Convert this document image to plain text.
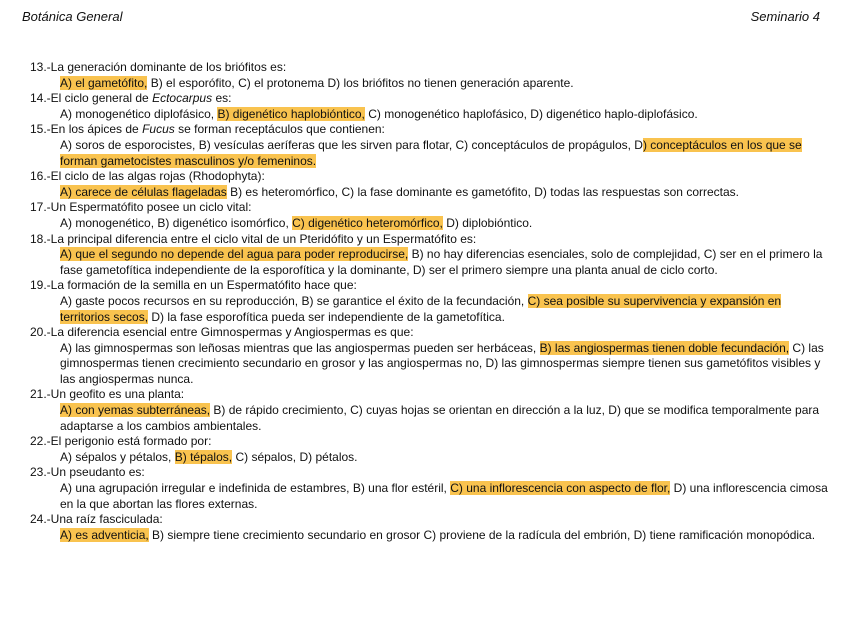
Botánica General	Seminario 4
13.-La generación dominante de los briófitos es:
A) el gametófito, B) el esporófito, C) el protonema D) los briófitos no tienen generación aparente.
14.-El ciclo general de Ectocarpus es:
A) monogenético diplofásico, B) digenético haplobióntico, C) monogenético haplofásico, D) digenético haplo-diplofásico.
15.-En los ápices de Fucus se forman receptáculos que contienen:
A) soros de esporocistes, B) vesículas aeríferas que les sirven para flotar, C) conceptáculos de propágulos, D) conceptáculos en los que se forman gametocistes masculinos y/o femeninos.
16.-El ciclo de las algas rojas (Rhodophyta):
A) carece de células flageladas B) es heteromórfico, C) la fase dominante es gametófito, D) todas las respuestas son correctas.
17.-Un Espermatófito posee un ciclo vital:
A) monogenético, B) digenético isomórfico, C) digenético heteromórfico, D) diplobióntico.
18.-La principal diferencia entre el ciclo vital de un Pteridófito y un Espermatófito es:
A) que el segundo no depende del agua para poder reproducirse, B) no hay diferencias esenciales, solo de complejidad, C) ser en el primero la fase gametofítica independiente de la esporofítica y la dominante, D) ser el primero siempre una planta anual de ciclo corto.
19.-La formación de la semilla en un Espermatófito hace que:
A) gaste pocos recursos en su reproducción, B) se garantice el éxito de la fecundación, C) sea posible su supervivencia y expansión en territorios secos, D) la fase esporofítica pueda ser independiente de la gametofítica.
20.-La diferencia esencial entre Gimnospermas y Angiospermas es que:
A) las gimnospermas son leñosas mientras que las angiospermas pueden ser herbáceas, B) las angiospermas tienen doble fecundación, C) las gimnospermas tienen crecimiento secundario en grosor y las angiospermas no, D) las gimnospermas siempre tienen sus gametófitos visibles y las angiospermas nunca.
21.-Un geofito es una planta:
A) con yemas subterráneas, B) de rápido crecimiento, C) cuyas hojas se orientan en dirección a la luz, D) que se modifica temporalmente para adaptarse a los cambios ambientales.
22.-El perigonio está formado por:
A) sépalos y pétalos, B) tépalos, C) sépalos, D) pétalos.
23.-Un pseudanto es:
A) una agrupación irregular e indefinida de estambres, B) una flor estéril, C) una inflorescencia con aspecto de flor, D) una inflorescencia cimosa en la que abortan las flores externas.
24.-Una raíz fasciculada:
A) es adventicia, B) siempre tiene crecimiento secundario en grosor C) proviene de la radícula del embrión, D) tiene ramificación monopódica.
